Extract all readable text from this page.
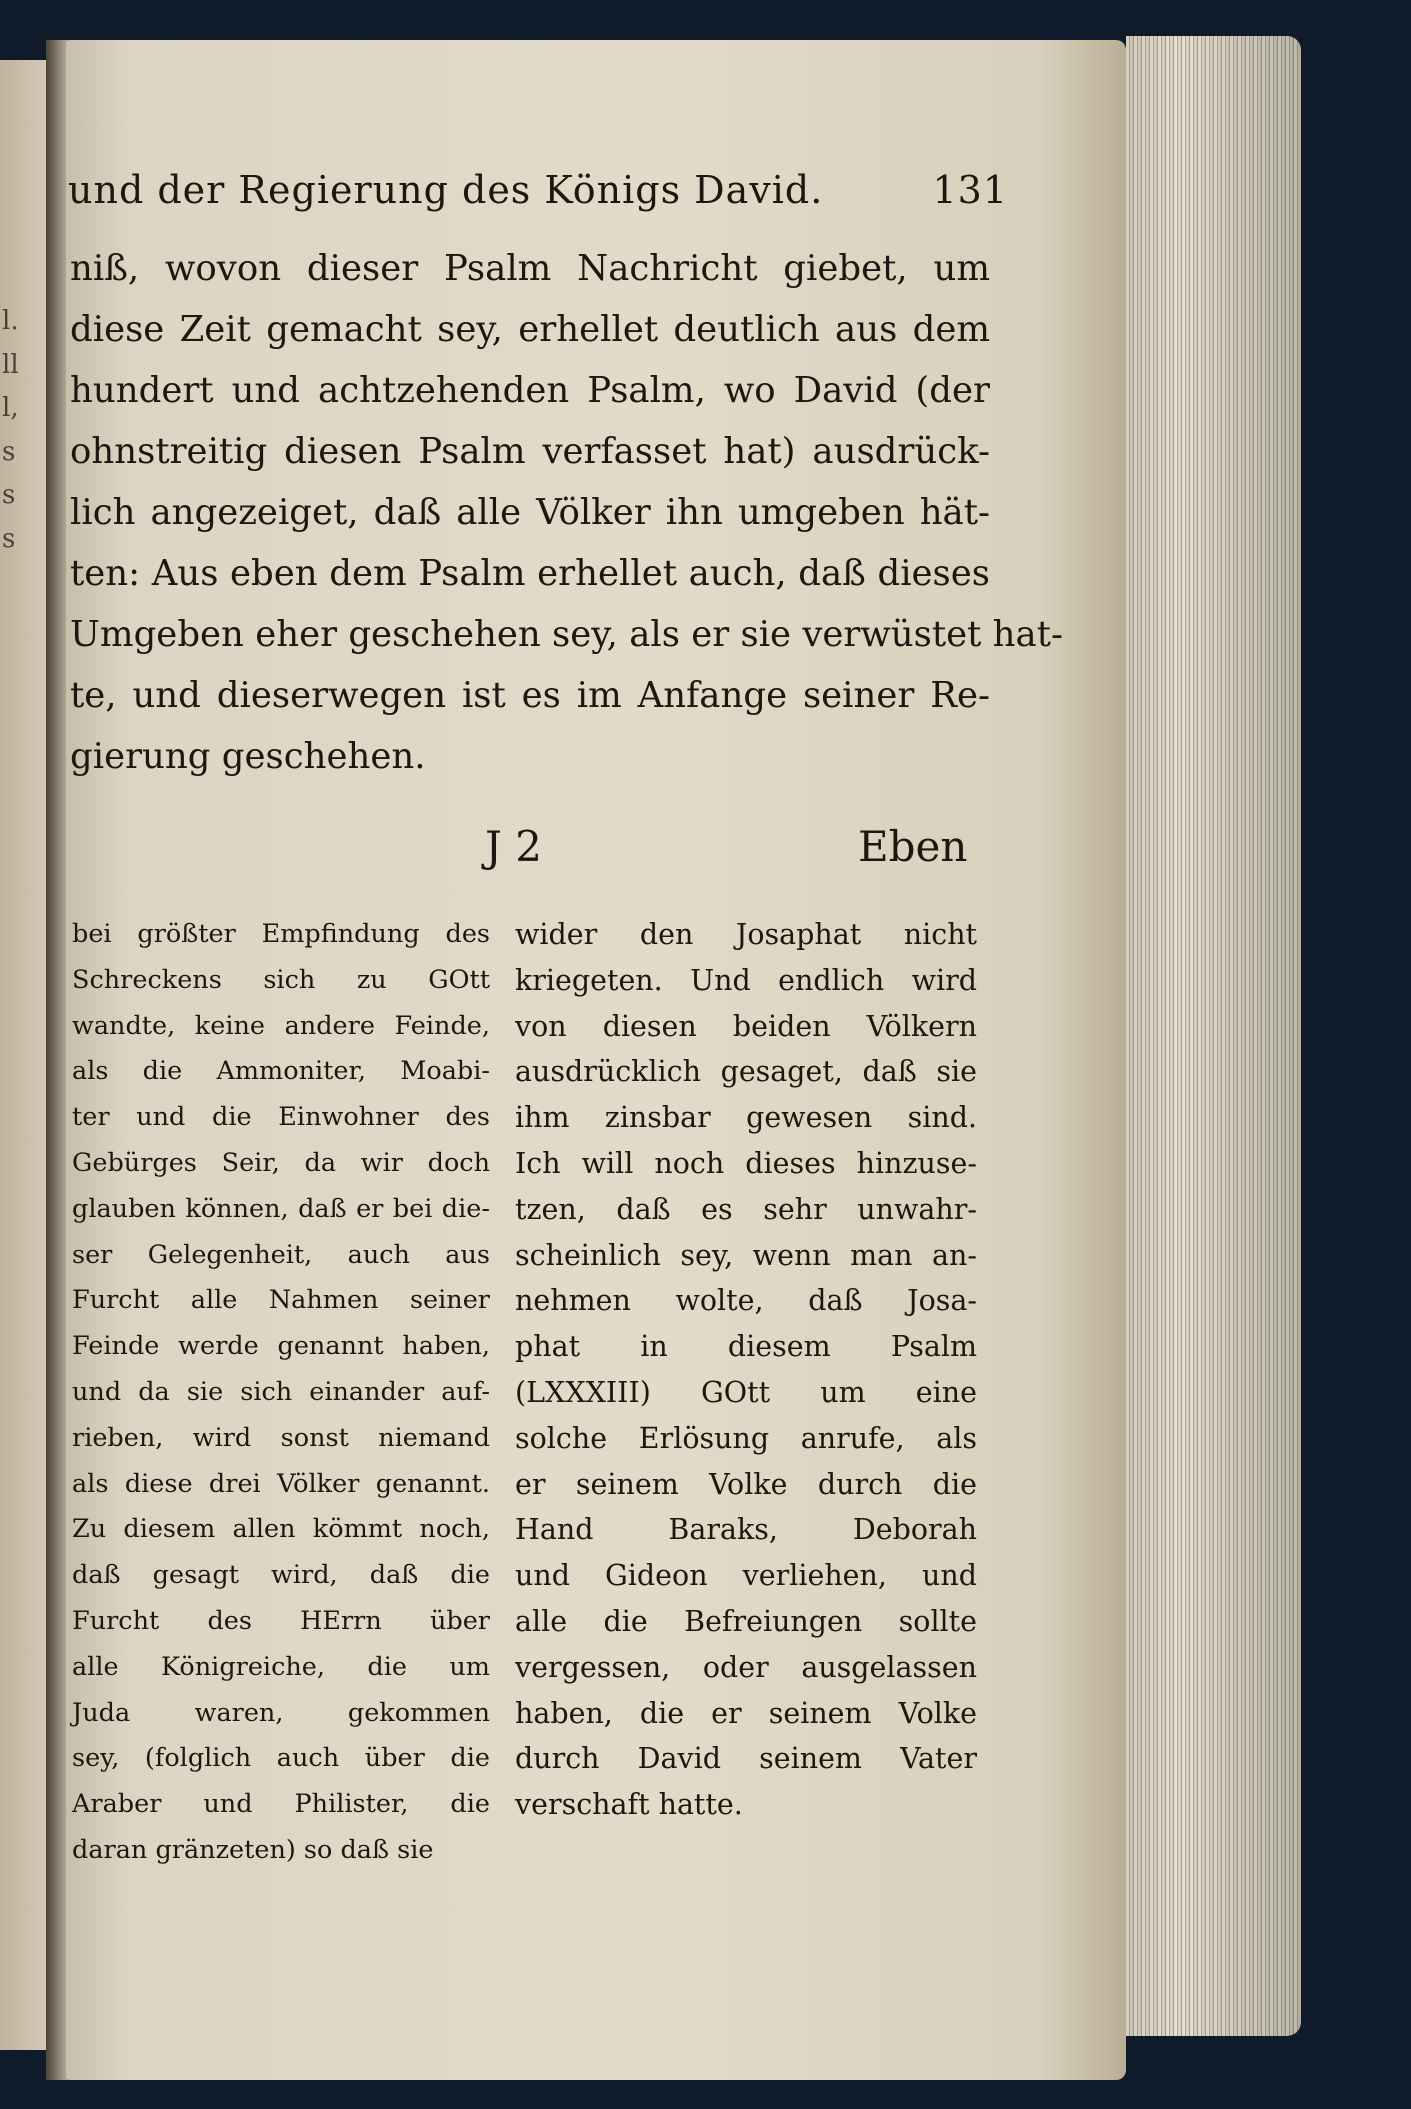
l.
ll
l,
s
s
s

und der Regierung des Königs David.	131
niß, wovon dieser Psalm Nachricht giebet, um
diese Zeit gemacht sey, erhellet deutlich aus dem
hundert und achtzehenden Psalm, wo David (der
ohnstreitig diesen Psalm verfasset hat) ausdrück-
lich angezeiget, daß alle Völker ihn umgeben hät-
ten: Aus eben dem Psalm erhellet auch, daß dieses
Umgeben eher geschehen sey, als er sie verwüstet hat-
te, und dieserwegen ist es im Anfange seiner Re-
gierung geschehen.
J 2	Eben
bei größter Empfindung des
Schreckens sich zu GOtt
wandte, keine andere Feinde,
als die Ammoniter, Moabi-
ter und die Einwohner des
Gebürges Seir, da wir doch
glauben können, daß er bei die-
ser Gelegenheit, auch aus
Furcht alle Nahmen seiner
Feinde werde genannt haben,
und da sie sich einander auf-
rieben, wird sonst niemand
als diese drei Völker genannt.
Zu diesem allen kömmt noch,
daß gesagt wird, daß die
Furcht des HErrn über
alle Königreiche, die um
Juda waren, gekommen
sey, (folglich auch über die
Araber und Philister, die
daran gränzeten) so daß sie
wider den Josaphat nicht
kriegeten. Und endlich wird
von diesen beiden Völkern
ausdrücklich gesaget, daß sie
ihm zinsbar gewesen sind.
Ich will noch dieses hinzuse-
tzen, daß es sehr unwahr-
scheinlich sey, wenn man an-
nehmen wolte, daß Josa-
phat in diesem Psalm
(LXXXIII) GOtt um eine
solche Erlösung anrufe, als
er seinem Volke durch die
Hand Baraks, Deborah
und Gideon verliehen, und
alle die Befreiungen sollte
vergessen, oder ausgelassen
haben, die er seinem Volke
durch David seinem Vater
verschaft hatte.
